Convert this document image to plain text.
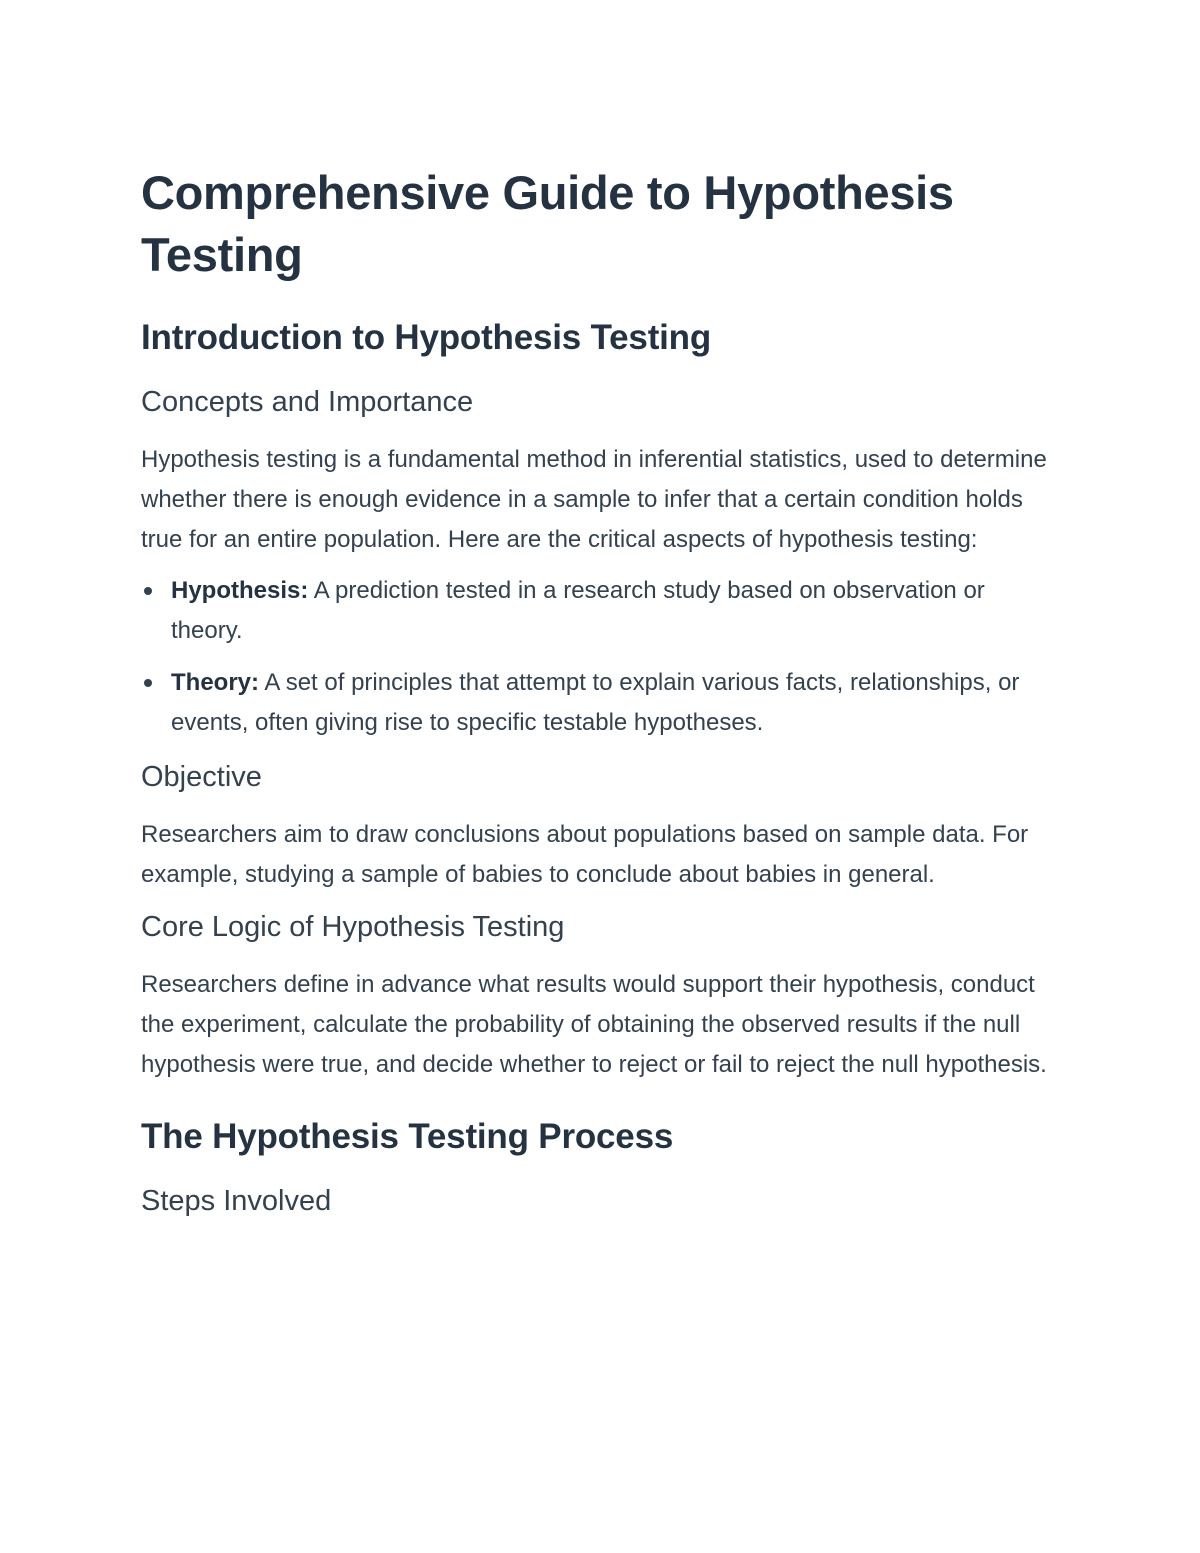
Comprehensive Guide to Hypothesis Testing
Introduction to Hypothesis Testing
Concepts and Importance

Hypothesis testing is a fundamental method in inferential statistics, used to determine whether there is enough evidence in a sample to infer that a certain condition holds true for an entire population. Here are the critical aspects of hypothesis testing:

Hypothesis: A prediction tested in a research study based on observation or theory.
Theory: A set of principles that attempt to explain various facts, relationships, or events, often giving rise to specific testable hypotheses.
Objective

Researchers aim to draw conclusions about populations based on sample data. For example, studying a sample of babies to conclude about babies in general.

Core Logic of Hypothesis Testing

Researchers define in advance what results would support their hypothesis, conduct the experiment, calculate the probability of obtaining the observed results if the null hypothesis were true, and decide whether to reject or fail to reject the null hypothesis.

The Hypothesis Testing Process
Steps Involved
